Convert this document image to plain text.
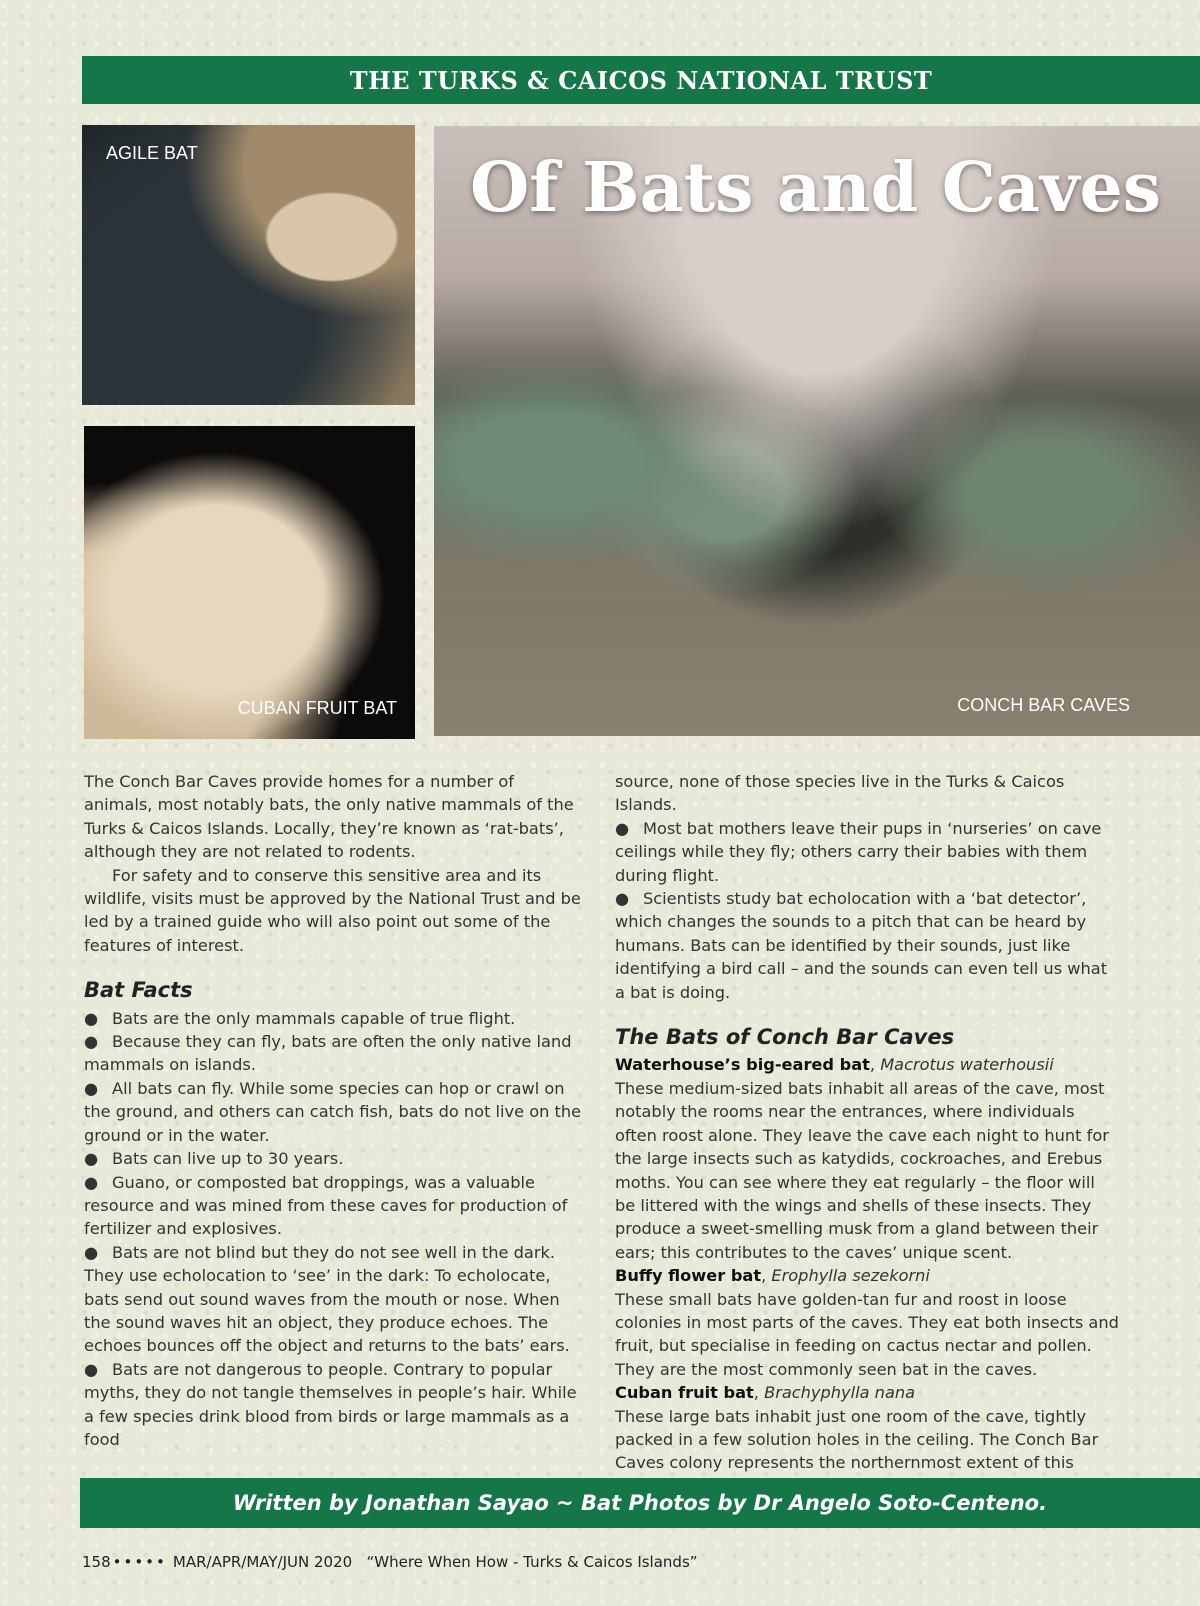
THE TURKS & CAICOS NATIONAL TRUST
AGILE BAT
CUBAN FRUIT BAT
Of Bats and Caves
CONCH BAR CAVES

The Conch Bar Caves provide homes for a number of animals, most notably bats, the only native mammals of the Turks & Caicos Islands. Locally, they’re known as ‘rat-bats’, although they are not related to rodents.

For safety and to conserve this sensitive area and its wildlife, visits must be approved by the National Trust and be led by a trained guide who will also point out some of the features of interest.

Bat Facts

● Bats are the only mammals capable of true flight.

● Because they can fly, bats are often the only native land mammals on islands.

● All bats can fly. While some species can hop or crawl on the ground, and others can catch fish, bats do not live on the ground or in the water.

● Bats can live up to 30 years.

● Guano, or composted bat droppings, was a valuable resource and was mined from these caves for production of fertilizer and explosives.

● Bats are not blind but they do not see well in the dark. They use echolocation to ‘see’ in the dark: To echolocate, bats send out sound waves from the mouth or nose. When the sound waves hit an object, they produce echoes. The echoes bounces off the object and returns to the bats’ ears.

● Bats are not dangerous to people. Contrary to popular myths, they do not tangle themselves in people’s hair. While a few species drink blood from birds or large mammals as a food

source, none of those species live in the Turks & Caicos Islands.

● Most bat mothers leave their pups in ‘nurseries’ on cave ceilings while they fly; others carry their babies with them during flight.

● Scientists study bat echolocation with a ‘bat detector’, which changes the sounds to a pitch that can be heard by humans. Bats can be identified by their sounds, just like identifying a bird call – and the sounds can even tell us what a bat is doing.

The Bats of Conch Bar Caves

Waterhouse’s big-eared bat, Macrotus waterhousii

These medium-sized bats inhabit all areas of the cave, most notably the rooms near the entrances, where individuals often roost alone. They leave the cave each night to hunt for the large insects such as katydids, cockroaches, and Erebus moths. You can see where they eat regularly – the floor will be littered with the wings and shells of these insects. They produce a sweet-smelling musk from a gland between their ears; this contributes to the caves’ unique scent.

Buffy flower bat, Erophylla sezekorni

These small bats have golden-tan fur and roost in loose colonies in most parts of the caves. They eat both insects and fruit, but specialise in feeding on cactus nectar and pollen. They are the most commonly seen bat in the caves.

Cuban fruit bat, Brachyphylla nana

These large bats inhabit just one room of the cave, tightly packed in a few solution holes in the ceiling. The Conch Bar Caves colony represents the northernmost extent of this

Written by Jonathan Sayao ~ Bat Photos by Dr Angelo Soto-Centeno.
158 ••••• MAR/APR/MAY/JUN 2020 “Where When How - Turks & Caicos Islands”
